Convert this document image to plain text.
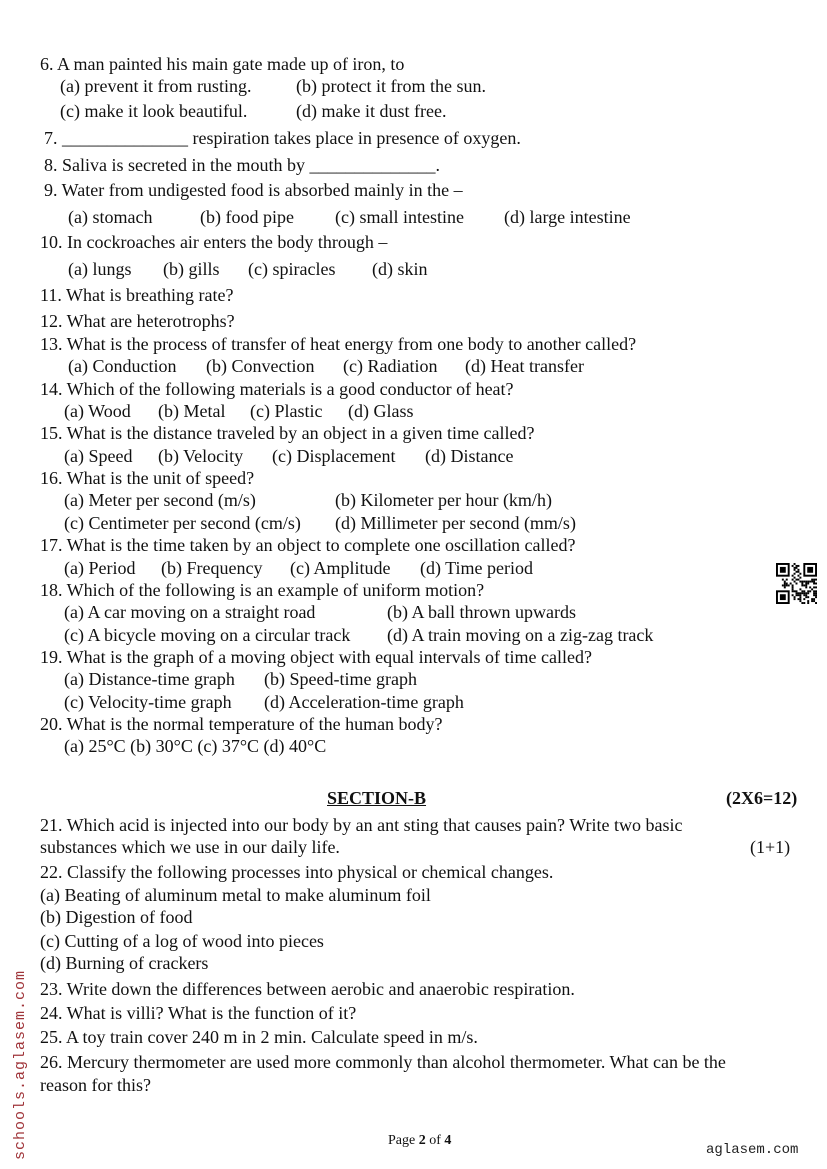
6. A man painted his main gate made up of iron, to
(a) prevent it from rusting. (b) protect it from the sun.
(c) make it look beautiful.	(d) make it dust free.
7. ______________ respiration takes place in presence of oxygen.
8. Saliva is secreted in the mouth by ______________.
9. Water from undigested food is absorbed mainly in the –
(a) stomach	(b) food pipe (c) small intestine (d) large intestine
10. In cockroaches air enters the body through –
(a) lungs (b) gills (c) spiracles (d) skin
11. What is breathing rate?
12. What are heterotrophs?
13. What is the process of transfer of heat energy from one body to another called?
(a) Conduction (b) Convection (c) Radiation (d) Heat transfer
14. Which of the following materials is a good conductor of heat?
(a) Wood (b) Metal (c) Plastic (d) Glass
15. What is the distance traveled by an object in a given time called?
(a) Speed (b) Velocity (c) Displacement (d) Distance
16. What is the unit of speed?
(a) Meter per second (m/s)	(b) Kilometer per hour (km/h)
(c) Centimeter per second (cm/s) (d) Millimeter per second (mm/s)
17. What is the time taken by an object to complete one oscillation called?
(a) Period (b) Frequency (c) Amplitude (d) Time period
18. Which of the following is an example of uniform motion?
(a) A car moving on a straight road	(b) A ball thrown upwards
(c) A bicycle moving on a circular track (d) A train moving on a zig-zag track
19. What is the graph of a moving object with equal intervals of time called?
(a) Distance-time graph (b) Speed-time graph
(c) Velocity-time graph (d) Acceleration-time graph
20. What is the normal temperature of the human body?
(a) 25°C (b) 30°C (c) 37°C (d) 40°C
SECTION-B	(2X6=12)
21. Which acid is injected into our body by an ant sting that causes pain? Write two basic
substances which we use in our daily life.	(1+1)
22. Classify the following processes into physical or chemical changes.
(a) Beating of aluminum metal to make aluminum foil
(b) Digestion of food
(c) Cutting of a log of wood into pieces
(d) Burning of crackers
23. Write down the differences between aerobic and anaerobic respiration.
24. What is villi? What is the function of it?
25. A toy train cover 240 m in 2 min. Calculate speed in m/s.
26. Mercury thermometer are used more commonly than alcohol thermometer. What can be the
reason for this?
Page 2 of 4
aglasem.com
schools.aglasem.com
